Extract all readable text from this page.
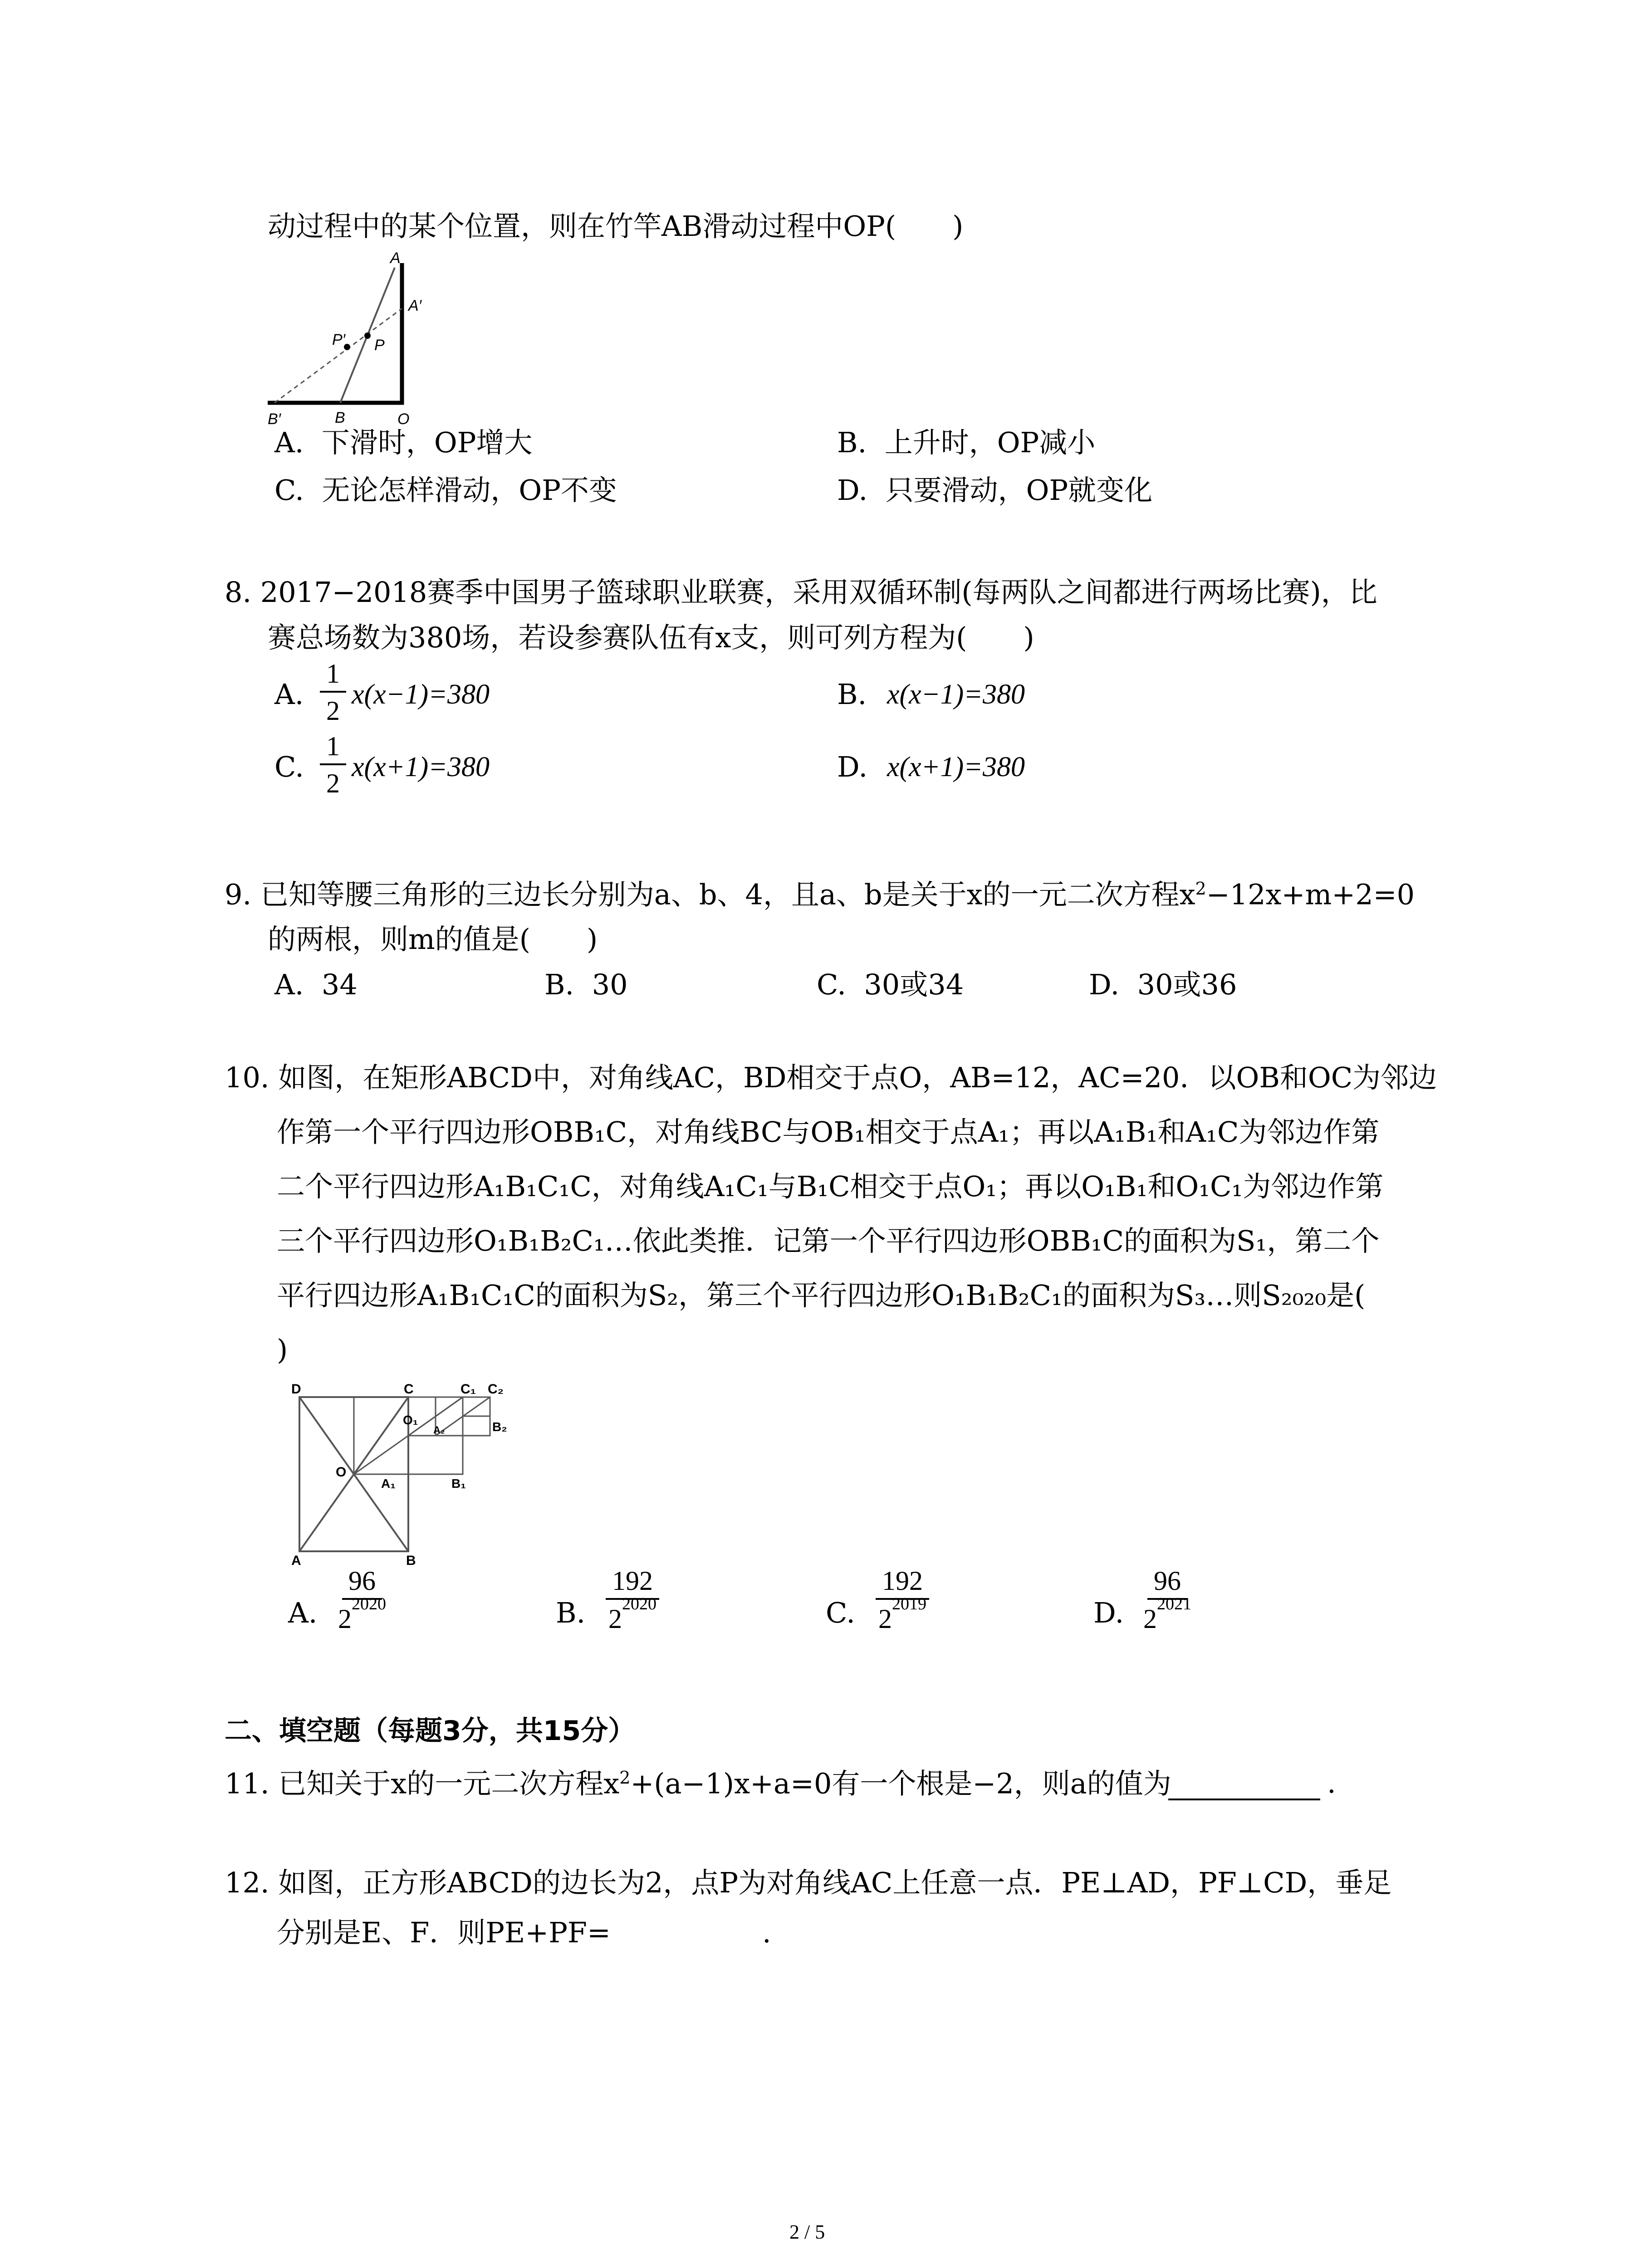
动过程中的某个位置，则在竹竿AB滑动过程中OP(　　)
A
A′
P′ P
B′	B	O
A. 下滑时，OP增大	B. 上升时，OP减小
C. 无论怎样滑动，OP不变	D. 只要滑动，OP就变化
8. 2017−2018赛季中国男子篮球职业联赛，采用双循环制(每两队之间都进行两场比赛)，比
赛总场数为380场，若设参赛队伍有x支，则可列方程为(　　)
A. $\frac{1}{2} x(x-1)=380$	B. x(x−1)=380
C. $\frac{1}{2} x(x+1)=380$	D. x(x+1)=380
9. 已知等腰三角形的三边长分别为a、b、4，且a、b是关于x的一元二次方程$x^2-12x+m+2=0$
的两根，则m的值是(　　)
A. 34	B. 30	C. 30或34	D. 30或36
10. 如图，在矩形ABCD中，对角线AC，BD相交于点O，AB=12，AC=20．以OB和OC为邻边
作第一个平行四边形OBB₁C，对角线BC与OB₁相交于点A₁；再以A₁B₁和A₁C为邻边作第
二个平行四边形A₁B₁C₁C，对角线A₁C₁与B₁C相交于点O₁；再以O₁B₁和O₁C₁为邻边作第
三个平行四边形O₁B₁B₂C₁…依此类推．记第一个平行四边形OBB₁C的面积为S₁，第二个
平行四边形A₁B₁C₁C的面积为S₂，第三个平行四边形O₁B₁B₂C₁的面积为S₃…则S₂₀₂₀是(
)
D	C	C₁ C₂
O₁
A₂	B₂
O
A₁	B₁
A	B
A. $\frac{96}{2^{2020}}$	B. $\frac{192}{2^{2020}}$	C. $\frac{192}{2^{2019}}$	D. $\frac{96}{2^{2021}}$
二、填空题（每题3分，共15分）
11. 已知关于x的一元二次方程$x^2+(a-1)x+a=0$有一个根是−2，则a的值为	.
12. 如图，正方形ABCD的边长为2，点P为对角线AC上任意一点．PE⊥AD，PF⊥CD，垂足
分别是E、F．则PE+PF=	.
2 / 5
